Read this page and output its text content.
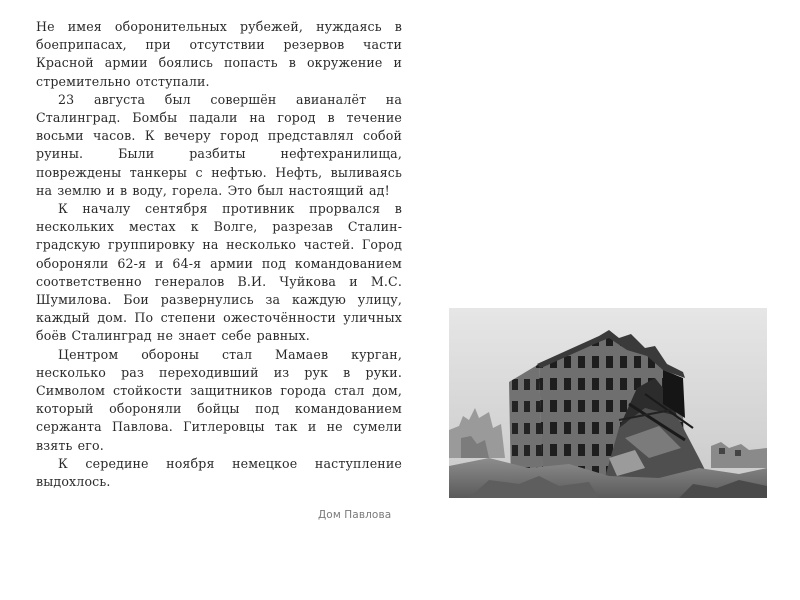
Не имея оборонительных рубежей, нуждаясь в боеприпасах, при отсутствии резервов части Красной армии боялись попасть в окружение и стремительно отступали.

23 августа был совершён авианалёт на Сталинград. Бомбы падали на город в течение восьми часов. К вечеру город представлял собой руины. Были разбиты нефтехранилища, повреждены танкеры с нефтью. Нефть, выливаясь на землю и в воду, горела. Это был настоящий ад!

К началу сентября противник прорвался в нескольких местах к Волге, разрезав Сталинградскую группировку на несколько частей. Город обороняли 62-я и 64-я армии под командованием соответственно генералов В.И. Чуйкова и М.С. Шумилова. Бои развернулись за каждую улицу, каждый дом. По степени ожесточённости уличных боёв Сталинград не знает себе равных.

Центром обороны стал Мамаев курган, несколько раз переходивший из рук в руки. Символом стойкости защитников города стал дом, который обороняли бойцы под командованием сержанта Павлова. Гитлеровцы так и не сумели взять его.

К середине ноября немецкое наступление выдохлось.

Дом Павлова
